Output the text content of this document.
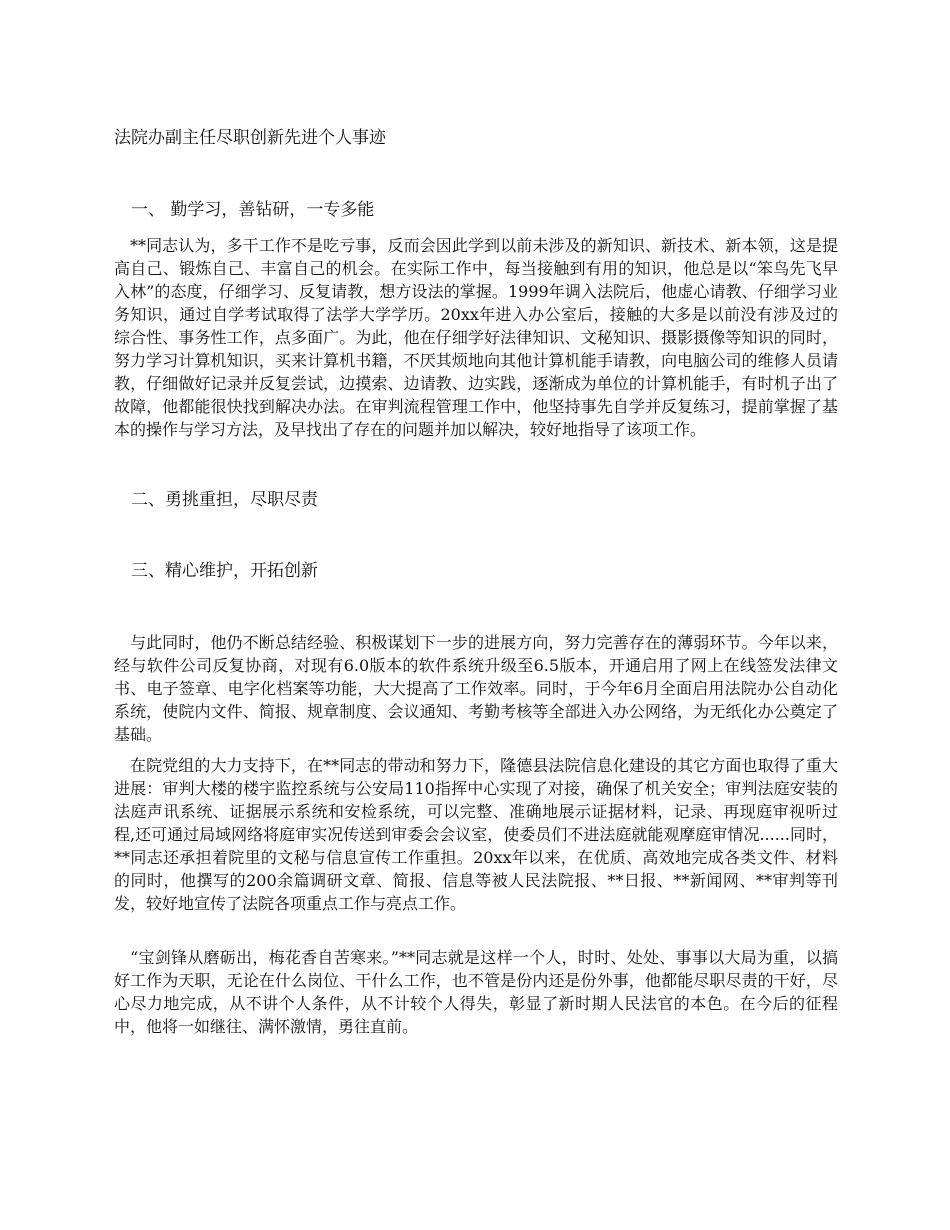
法院办副主任尽职创新先进个人事迹
一、 勤学习，善钻研，一专多能
**同志认为，多干工作不是吃亏事，反而会因此学到以前未涉及的新知识、新技术、新本领，这是提高自己、锻炼自己、丰富自己的机会。在实际工作中，每当接触到有用的知识，他总是以“笨鸟先飞早入林”的态度，仔细学习、反复请教，想方设法的掌握。1999年调入法院后，他虚心请教、仔细学习业务知识，通过自学考试取得了法学大学学历。20xx年进入办公室后，接触的大多是以前没有涉及过的综合性、事务性工作，点多面广。为此，他在仔细学好法律知识、文秘知识、摄影摄像等知识的同时，努力学习计算机知识，买来计算机书籍，不厌其烦地向其他计算机能手请教，向电脑公司的维修人员请教，仔细做好记录并反复尝试，边摸索、边请教、边实践，逐渐成为单位的计算机能手，有时机子出了故障，他都能很快找到解决办法。在审判流程管理工作中，他坚持事先自学并反复练习，提前掌握了基本的操作与学习方法，及早找出了存在的问题并加以解决，较好地指导了该项工作。
二、勇挑重担，尽职尽责
三、精心维护，开拓创新
与此同时，他仍不断总结经验、积极谋划下一步的进展方向，努力完善存在的薄弱环节。今年以来，经与软件公司反复协商，对现有6.0版本的软件系统升级至6.5版本，开通启用了网上在线签发法律文书、电子签章、电字化档案等功能，大大提高了工作效率。同时，于今年6月全面启用法院办公自动化系统，使院内文件、简报、规章制度、会议通知、考勤考核等全部进入办公网络，为无纸化办公奠定了基础。
在院党组的大力支持下，在**同志的带动和努力下，隆德县法院信息化建设的其它方面也取得了重大进展：审判大楼的楼宇监控系统与公安局110指挥中心实现了对接，确保了机关安全；审判法庭安装的法庭声讯系统、证据展示系统和安检系统，可以完整、准确地展示证据材料，记录、再现庭审视听过程,还可通过局域网络将庭审实况传送到审委会会议室，使委员们不进法庭就能观摩庭审情况......同时，**同志还承担着院里的文秘与信息宣传工作重担。20xx年以来，在优质、高效地完成各类文件、材料的同时，他撰写的200余篇调研文章、简报、信息等被人民法院报、**日报、**新闻网、**审判等刊发，较好地宣传了法院各项重点工作与亮点工作。
“宝剑锋从磨砺出，梅花香自苦寒来。”**同志就是这样一个人，时时、处处、事事以大局为重，以搞好工作为天职，无论在什么岗位、干什么工作，也不管是份内还是份外事，他都能尽职尽责的干好，尽心尽力地完成，从不讲个人条件，从不计较个人得失，彰显了新时期人民法官的本色。在今后的征程中，他将一如继往、满怀激情，勇往直前。
